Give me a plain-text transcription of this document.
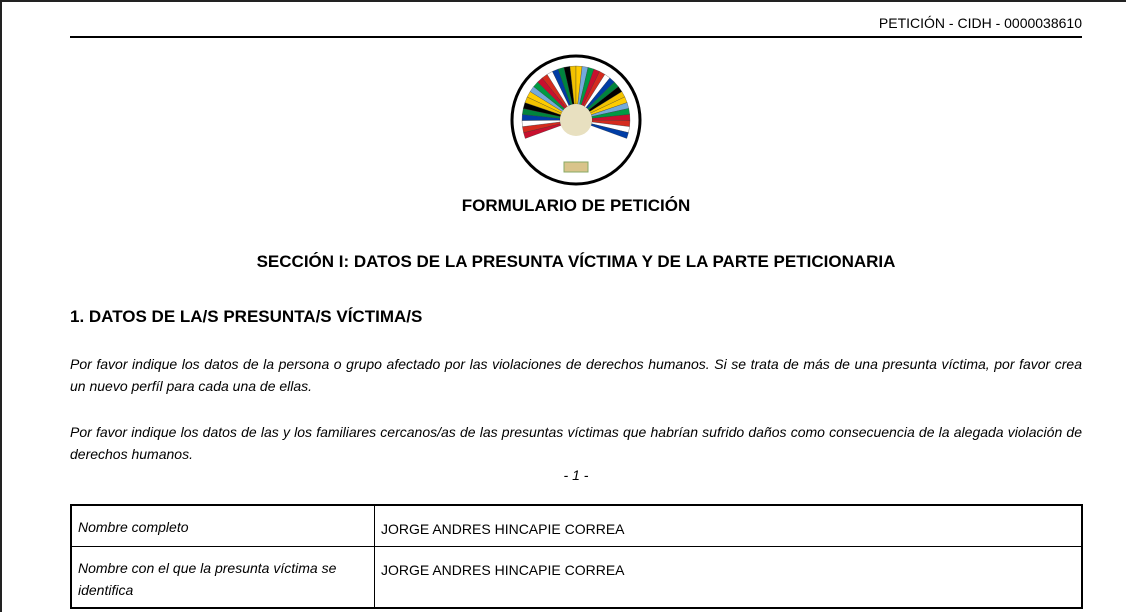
PETICIÓN - CIDH - 0000038610
FORMULARIO DE PETICIÓN
SECCIÓN I: DATOS DE LA PRESUNTA VÍCTIMA Y DE LA PARTE PETICIONARIA
1. DATOS DE LA/S PRESUNTA/S VÍCTIMA/S
Por favor indique los datos de la persona o grupo afectado por las violaciones de derechos humanos. Si se trata de más de una presunta víctima, por favor crea un nuevo perfíl para cada una de ellas.
Por favor indique los datos de las y los familiares cercanos/as de las presuntas víctimas que habrían sufrido daños como consecuencia de la alegada violación de derechos humanos.
- 1 -
Nombre completo	JORGE ANDRES HINCAPIE CORREA
Nombre con el que la presunta víctima se identifica	JORGE ANDRES HINCAPIE CORREA
